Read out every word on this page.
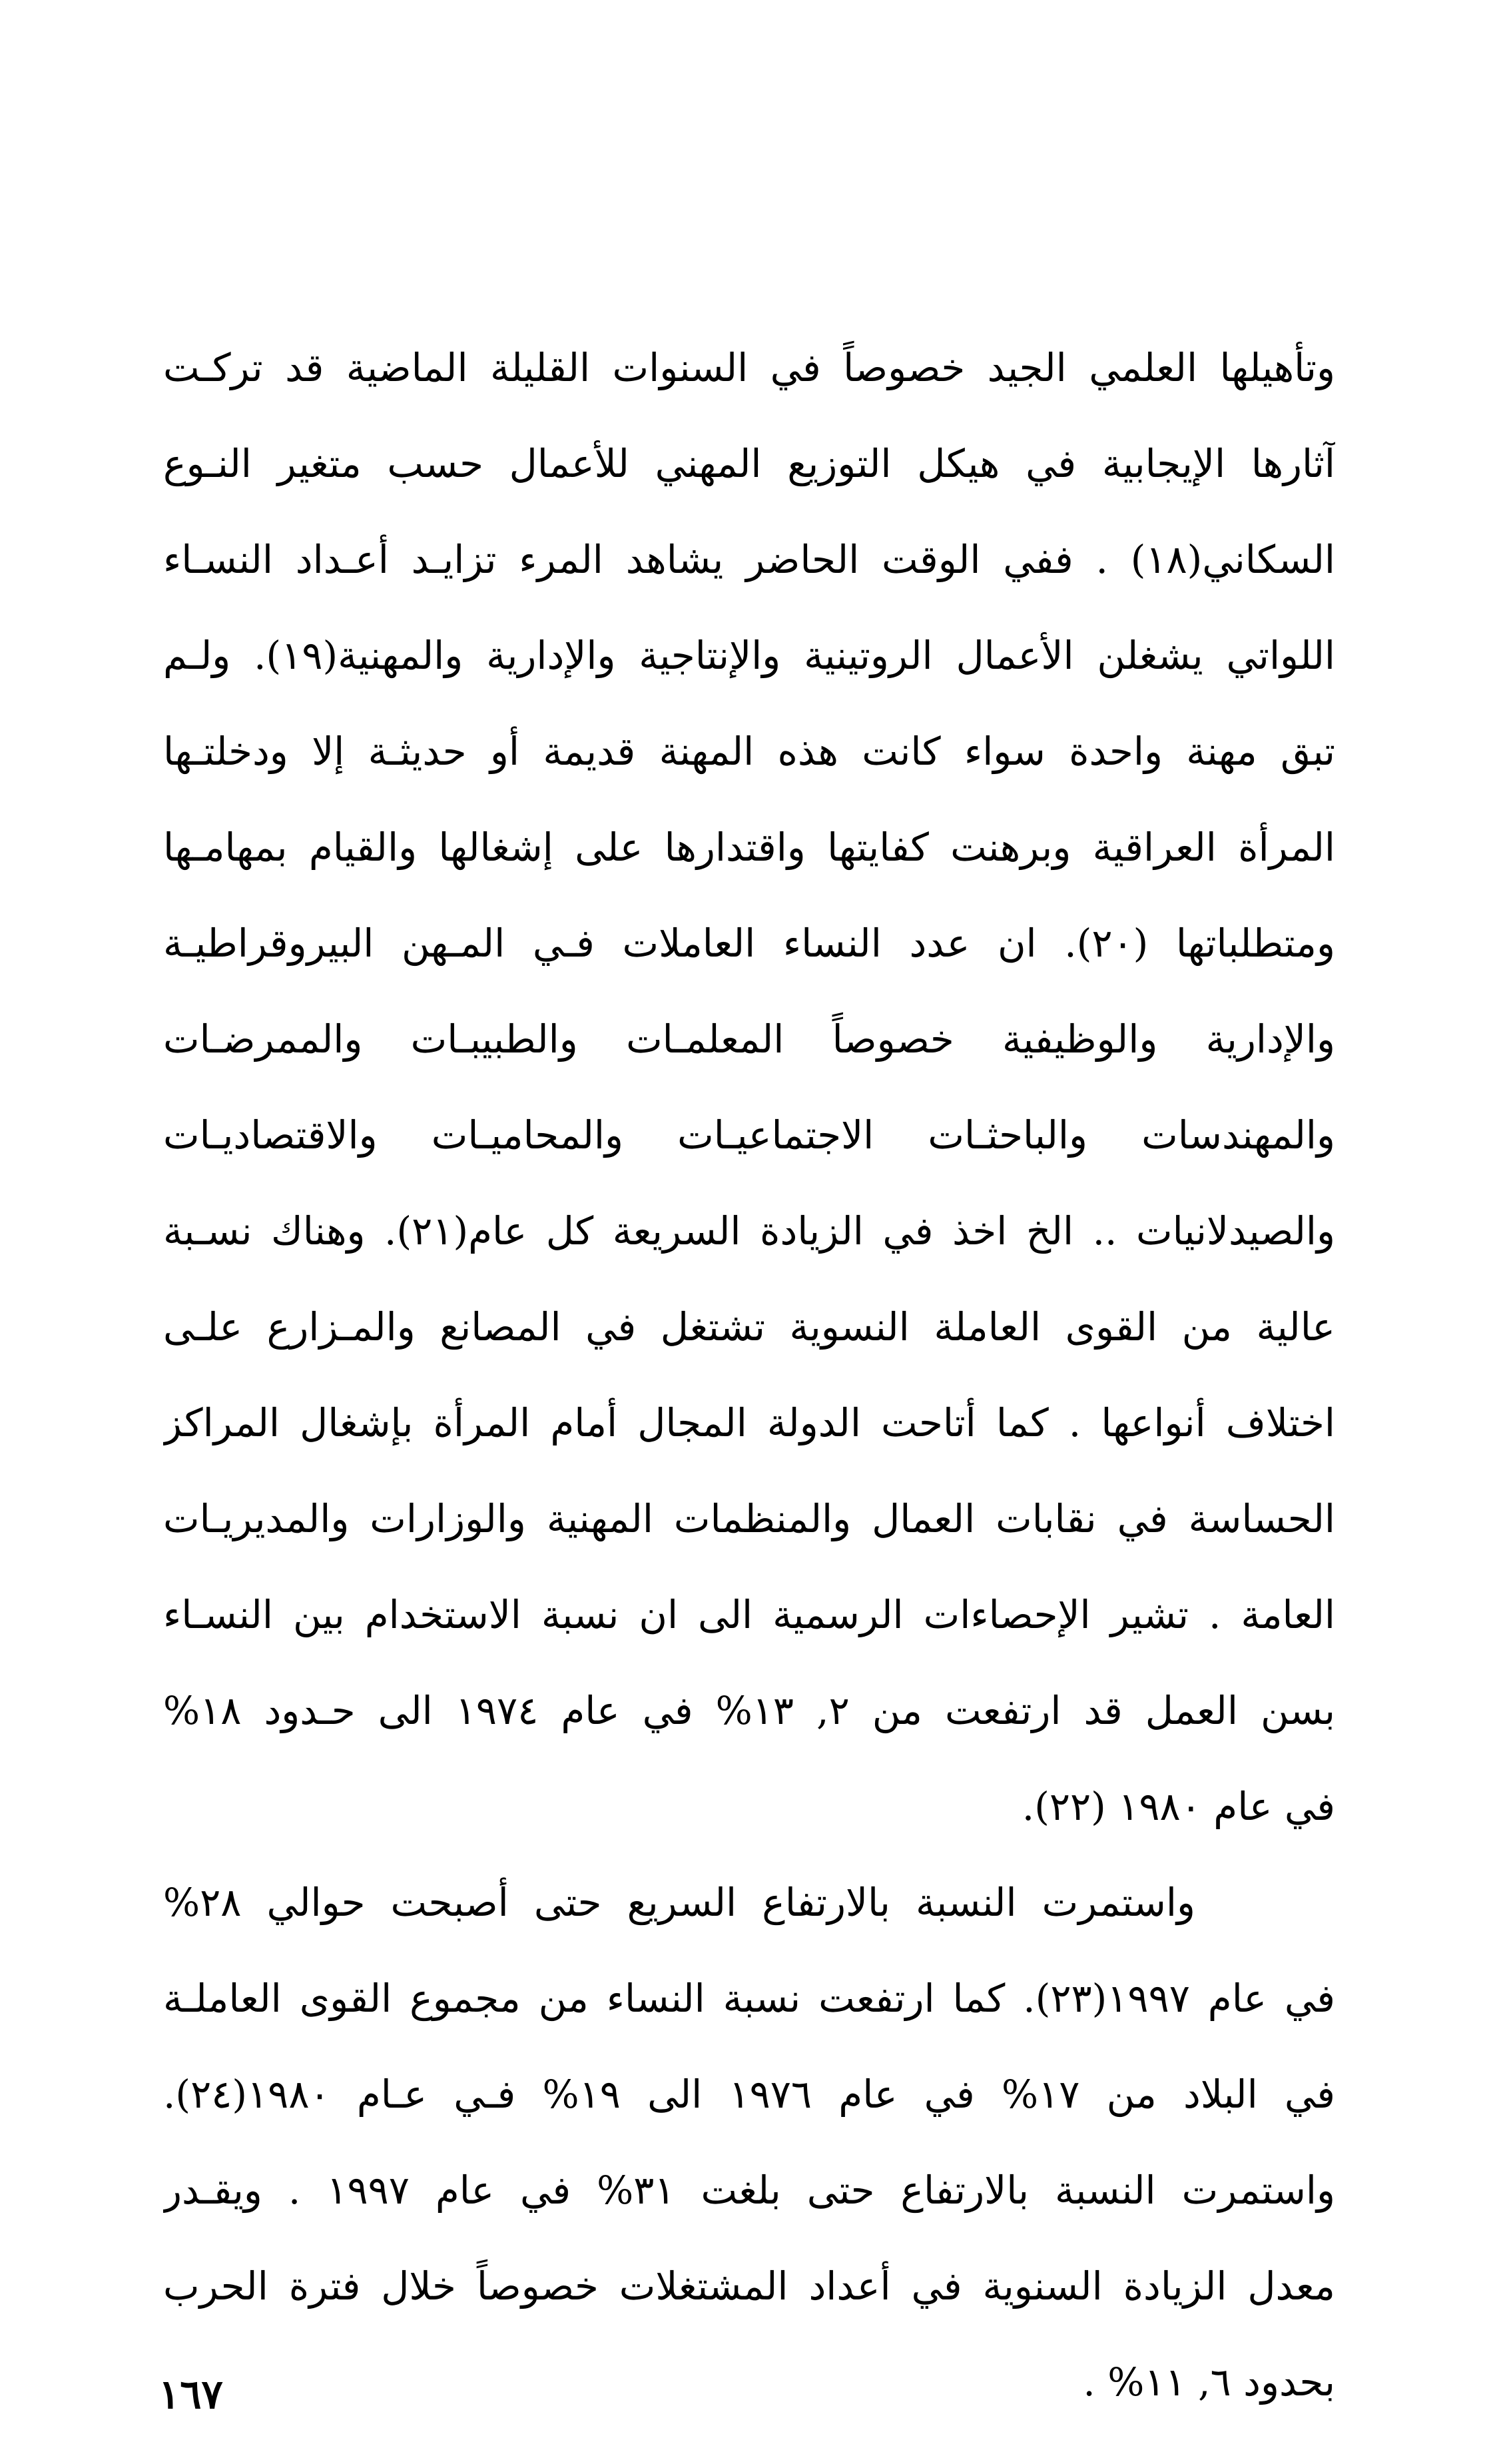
وتأهيلها العلمي الجيد خصوصاً في السنوات القليلة الماضية قد تركـت
آثارها الإيجابية في هيكل التوزيع المهني للأعمال حسب متغير النـوع
السكاني(١٨) . ففي الوقت الحاضر يشاهد المرء تزايـد أعـداد النسـاء
اللواتي يشغلن الأعمال الروتينية والإنتاجية والإدارية والمهنية(١٩). ولـم
تبق مهنة واحدة سواء كانت هذه المهنة قديمة أو حديثـة إلا ودخلتـها
المرأة العراقية وبرهنت كفايتها واقتدارها على إشغالها والقيام بمهامـها
ومتطلباتها (٢٠). ان عدد النساء العاملات فـي المـهن البيروقراطيـة
والإدارية والوظيفية خصوصاً المعلمـات والطبيبـات والممرضـات
والمهندسات والباحثـات الاجتماعيـات والمحاميـات والاقتصاديـات
والصيدلانيات .. الخ اخذ في الزيادة السريعة كل عام(٢١). وهناك نسـبة
عالية من القوى العاملة النسوية تشتغل في المصانع والمـزارع علـى
اختلاف أنواعها . كما أتاحت الدولة المجال أمام المرأة بإشغال المراكز
الحساسة في نقابات العمال والمنظمات المهنية والوزارات والمديريـات
العامة . تشير الإحصاءات الرسمية الى ان نسبة الاستخدام بين النسـاء
بسن العمل قد ارتفعت من ٢, ١٣% في عام ١٩٧٤ الى حـدود ١٨%
في عام ١٩٨٠ (٢٢).
واستمرت النسبة بالارتفاع السريع حتى أصبحت حوالي ٢٨%
في عام ١٩٩٧(٢٣). كما ارتفعت نسبة النساء من مجموع القوى العاملـة
في البلاد من ١٧% في عام ١٩٧٦ الى ١٩% فـي عـام ١٩٨٠(٢٤).
واستمرت النسبة بالارتفاع حتى بلغت ٣١% في عام ١٩٩٧ . ويقـدر
معدل الزيادة السنوية في أعداد المشتغلات خصوصاً خلال فترة الحرب
بحدود ٦, ١١% .
١٦٧
